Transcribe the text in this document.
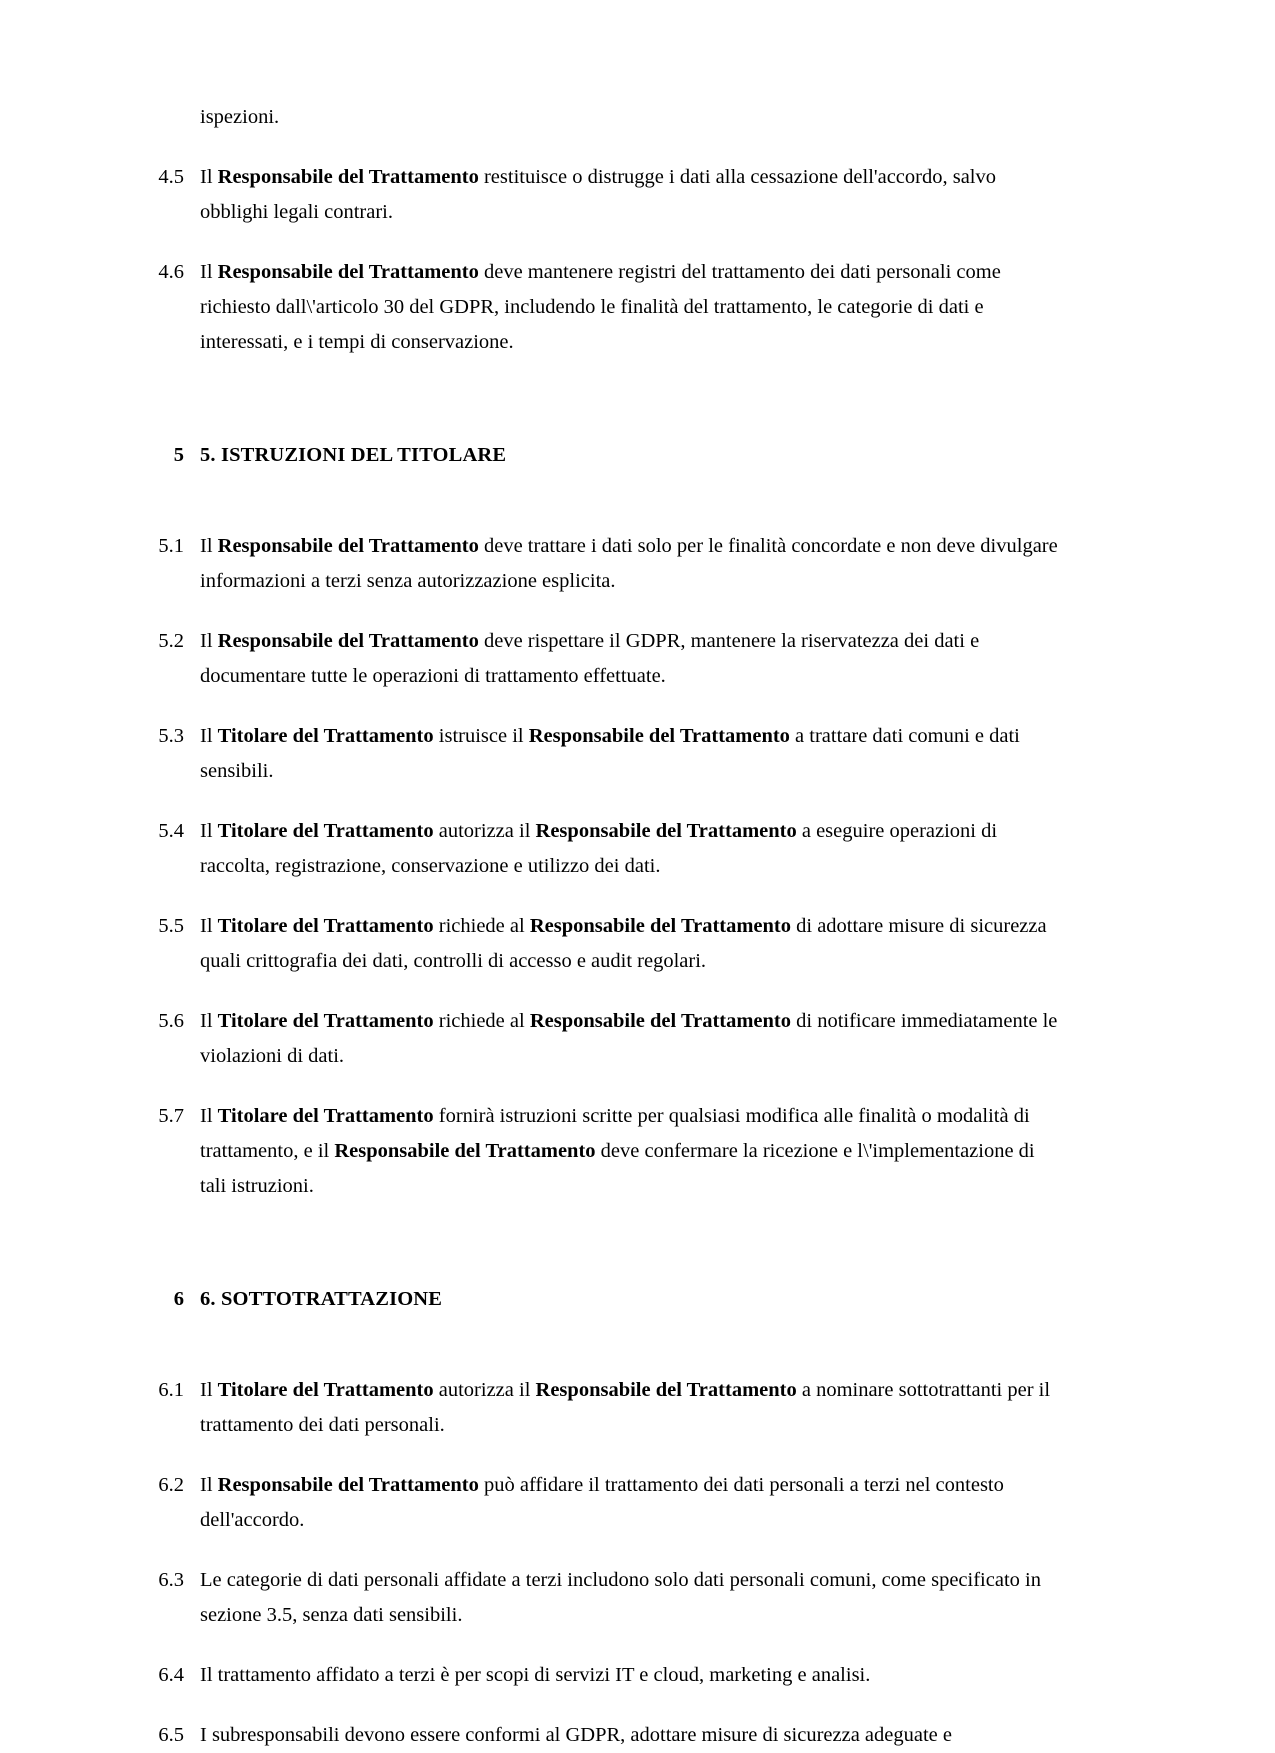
ispezioni.

4.5 Il Responsabile del Trattamento restituisce o distrugge i dati alla cessazione dell'accordo, salvo obblighi legali contrari.
4.6 Il Responsabile del Trattamento deve mantenere registri del trattamento dei dati personali come richiesto dall\'articolo 30 del GDPR, includendo le finalità del trattamento, le categorie di dati e interessati, e i tempi di conservazione.
5 5. ISTRUZIONI DEL TITOLARE
5.1 Il Responsabile del Trattamento deve trattare i dati solo per le finalità concordate e non deve divulgare informazioni a terzi senza autorizzazione esplicita.
5.2 Il Responsabile del Trattamento deve rispettare il GDPR, mantenere la riservatezza dei dati e documentare tutte le operazioni di trattamento effettuate.
5.3 Il Titolare del Trattamento istruisce il Responsabile del Trattamento a trattare dati comuni e dati sensibili.
5.4 Il Titolare del Trattamento autorizza il Responsabile del Trattamento a eseguire operazioni di raccolta, registrazione, conservazione e utilizzo dei dati.
5.5 Il Titolare del Trattamento richiede al Responsabile del Trattamento di adottare misure di sicurezza quali crittografia dei dati, controlli di accesso e audit regolari.
5.6 Il Titolare del Trattamento richiede al Responsabile del Trattamento di notificare immediatamente le violazioni di dati.
5.7 Il Titolare del Trattamento fornirà istruzioni scritte per qualsiasi modifica alle finalità o modalità di trattamento, e il Responsabile del Trattamento deve confermare la ricezione e l\'implementazione di tali istruzioni.
6 6. SOTTOTRATTAZIONE
6.1 Il Titolare del Trattamento autorizza il Responsabile del Trattamento a nominare sottotrattanti per il trattamento dei dati personali.
6.2 Il Responsabile del Trattamento può affidare il trattamento dei dati personali a terzi nel contesto dell'accordo.
6.3 Le categorie di dati personali affidate a terzi includono solo dati personali comuni, come specificato in sezione 3.5, senza dati sensibili.
6.4 Il trattamento affidato a terzi è per scopi di servizi IT e cloud, marketing e analisi.
6.5 I subresponsabili devono essere conformi al GDPR, adottare misure di sicurezza adeguate e
